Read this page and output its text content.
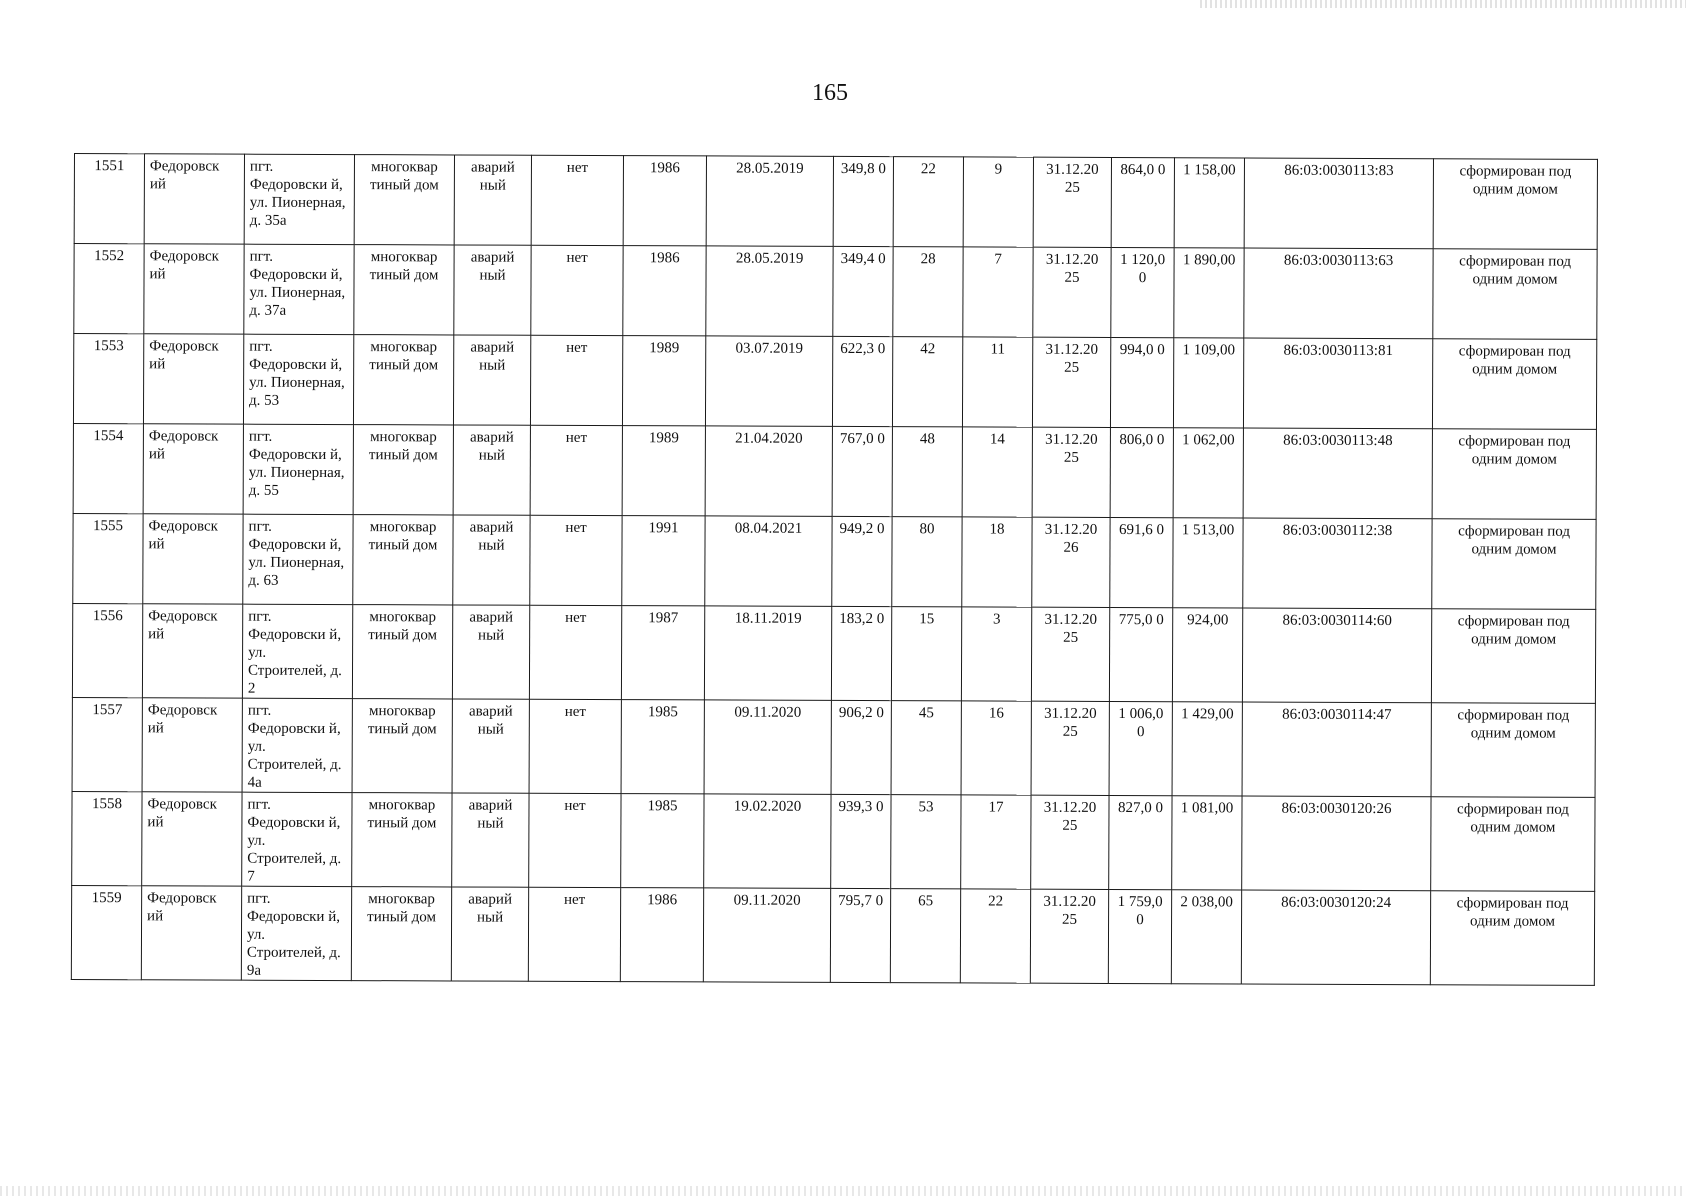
165
1551	Федоровск ий	пгт. Федоровски й, ул. Пионерная, д. 35а	многоквар тиный дом	аварий ный	нет	1986	28.05.2019	349,8 0	22	9	31.12.20 25	864,0 0	1 158,00	86:03:0030113:83	сформирован под одним домом
1552	Федоровск ий	пгт. Федоровски й, ул. Пионерная, д. 37а	многоквар тиный дом	аварий ный	нет	1986	28.05.2019	349,4 0	28	7	31.12.20 25	1 120,0 0	1 890,00	86:03:0030113:63	сформирован под одним домом
1553	Федоровск ий	пгт. Федоровски й, ул. Пионерная, д. 53	многоквар тиный дом	аварий ный	нет	1989	03.07.2019	622,3 0	42	11	31.12.20 25	994,0 0	1 109,00	86:03:0030113:81	сформирован под одним домом
1554	Федоровск ий	пгт. Федоровски й, ул. Пионерная, д. 55	многоквар тиный дом	аварий ный	нет	1989	21.04.2020	767,0 0	48	14	31.12.20 25	806,0 0	1 062,00	86:03:0030113:48	сформирован под одним домом
1555	Федоровск ий	пгт. Федоровски й, ул. Пионерная, д. 63	многоквар тиный дом	аварий ный	нет	1991	08.04.2021	949,2 0	80	18	31.12.20 26	691,6 0	1 513,00	86:03:0030112:38	сформирован под одним домом
1556	Федоровск ий	пгт. Федоровски й, ул. Строителей, д. 2	многоквар тиный дом	аварий ный	нет	1987	18.11.2019	183,2 0	15	3	31.12.20 25	775,0 0	924,00	86:03:0030114:60	сформирован под одним домом
1557	Федоровск ий	пгт. Федоровски й, ул. Строителей, д. 4а	многоквар тиный дом	аварий ный	нет	1985	09.11.2020	906,2 0	45	16	31.12.20 25	1 006,0 0	1 429,00	86:03:0030114:47	сформирован под одним домом
1558	Федоровск ий	пгт. Федоровски й, ул. Строителей, д. 7	многоквар тиный дом	аварий ный	нет	1985	19.02.2020	939,3 0	53	17	31.12.20 25	827,0 0	1 081,00	86:03:0030120:26	сформирован под одним домом
1559	Федоровск ий	пгт. Федоровски й, ул. Строителей, д. 9а	многоквар тиный дом	аварий ный	нет	1986	09.11.2020	795,7 0	65	22	31.12.20 25	1 759,0 0	2 038,00	86:03:0030120:24	сформирован под одним домом
